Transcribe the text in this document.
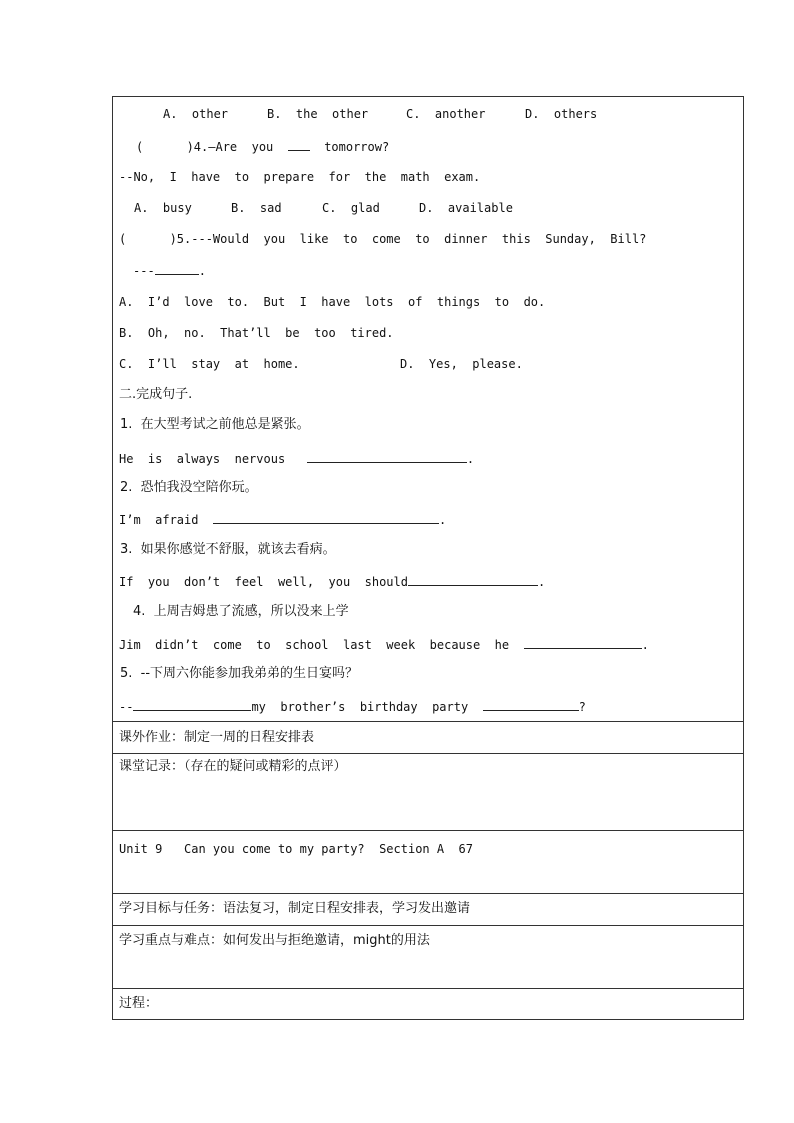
A.  other	B.  the  other	C.  another	D.  others
(      )4.—Are  you	tomorrow?
--No,  I  have  to  prepare  for  the  math  exam.
A.  busy	B.  sad	C.  glad	D.  available
(      )5.---Would  you  like  to  come  to  dinner  this  Sunday,  Bill?
---	.
A.  I’d  love  to.  But  I  have  lots  of  things  to  do.
B.  Oh,  no.  That’ll  be  too  tired.
C.  I’ll  stay  at  home.	D.  Yes,  please.
二.完成句子.
1. 在大型考试之前他总是紧张。
He  is  always  nervous	.
2. 恐怕我没空陪你玩。
I’m  afraid	.
3. 如果你感觉不舒服，就该去看病。
If  you  don’t  feel  well,  you  should	.
4. 上周吉姆患了流感，所以没来上学
Jim  didn’t  come  to  school  last  week  because  he	.
5. --下周六你能参加我弟弟的生日宴吗？
--	my  brother’s  birthday  party	?
课外作业：制定一周的日程安排表
课堂记录：（存在的疑问或精彩的点评）
Unit 9   Can you come to my party?  Section A  67
学习目标与任务：语法复习，制定日程安排表，学习发出邀请
学习重点与难点：如何发出与拒绝邀请，might的用法
过程：
